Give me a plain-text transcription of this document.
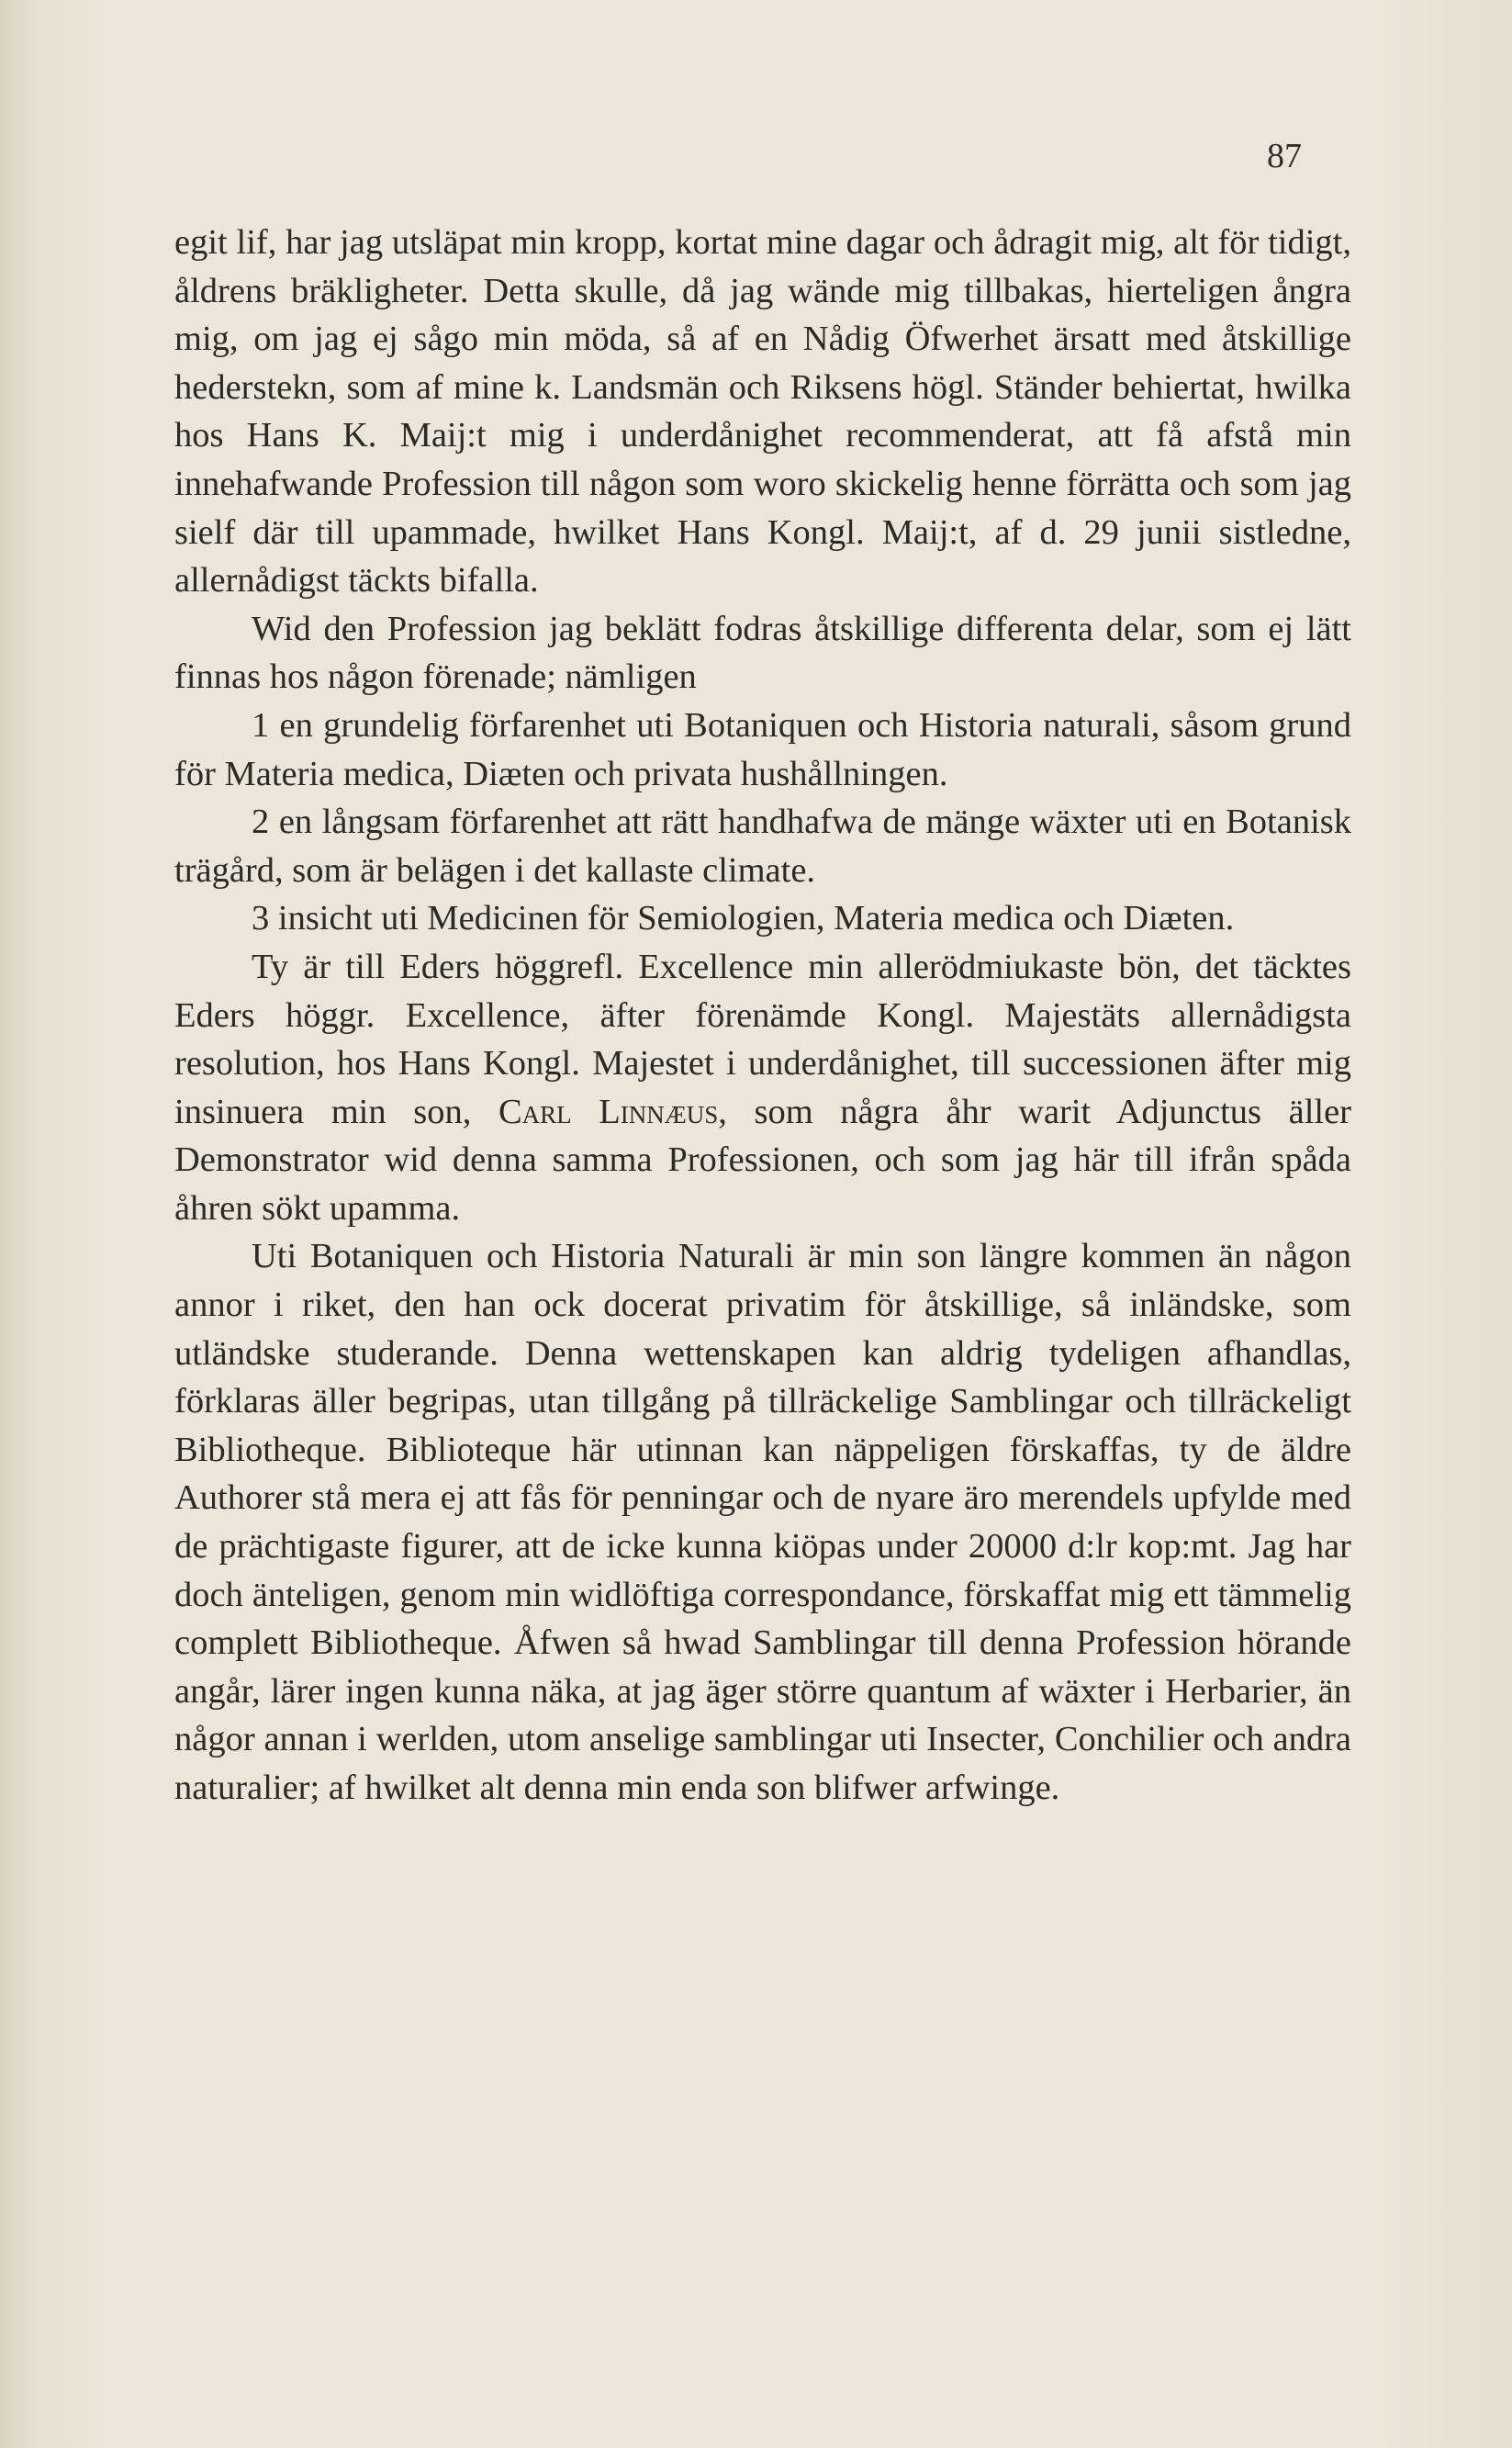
87

egit lif, har jag utsläpat min kropp, kortat mine dagar och ådragit mig, alt för tidigt, åldrens bräkligheter. Detta skulle, då jag wände mig tillbakas, hierteligen ångra mig, om jag ej sågo min möda, så af en Nådig Öfwerhet ärsatt med åtskillige hederstekn, som af mine k. Landsmän och Riksens högl. Ständer behiertat, hwilka hos Hans K. Maij:t mig i underdånighet recommenderat, att få afstå min innehafwande Profession till någon som woro skickelig henne förrätta och som jag sielf där till upammade, hwilket Hans Kongl. Maij:t, af d. 29 junii sistledne, allernådigst täckts bifalla.

Wid den Profession jag beklätt fodras åtskillige differenta delar, som ej lätt finnas hos någon förenade; nämligen

1 en grundelig förfarenhet uti Botaniquen och Historia naturali, såsom grund för Materia medica, Diæten och privata hushållningen.

2 en långsam förfarenhet att rätt handhafwa de mänge wäxter uti en Botanisk trägård, som är belägen i det kallaste climate.

3 insicht uti Medicinen för Semiologien, Materia medica och Diæten.

Ty är till Eders höggrefl. Excellence min allerödmiukaste bön, det täcktes Eders höggr. Excellence, äfter förenämde Kongl. Majestäts allernådigsta resolution, hos Hans Kongl. Majestet i underdånighet, till successionen äfter mig insinuera min son, Carl Linnæus, som några åhr warit Adjunctus äller Demonstrator wid denna samma Professionen, och som jag här till ifrån spåda åhren sökt upamma.

Uti Botaniquen och Historia Naturali är min son längre kommen än någon annor i riket, den han ock docerat privatim för åtskillige, så inländske, som utländske studerande. Denna wettenskapen kan aldrig tydeligen afhandlas, förklaras äller begripas, utan tillgång på tillräckelige Samblingar och tillräckeligt Bibliotheque. Biblioteque här utinnan kan näppeligen förskaffas, ty de äldre Authorer stå mera ej att fås för penningar och de nyare äro merendels upfylde med de prächtigaste figurer, att de icke kunna kiöpas under 20000 d:lr kop:mt. Jag har doch änteligen, genom min widlöftiga correspondance, förskaffat mig ett tämmelig complett Bibliotheque. Åfwen så hwad Samblingar till denna Profession hörande angår, lärer ingen kunna näka, at jag äger större quantum af wäxter i Herbarier, än någor annan i werlden, utom anselige samblingar uti Insecter, Conchilier och andra naturalier; af hwilket alt denna min enda son blifwer arfwinge.
